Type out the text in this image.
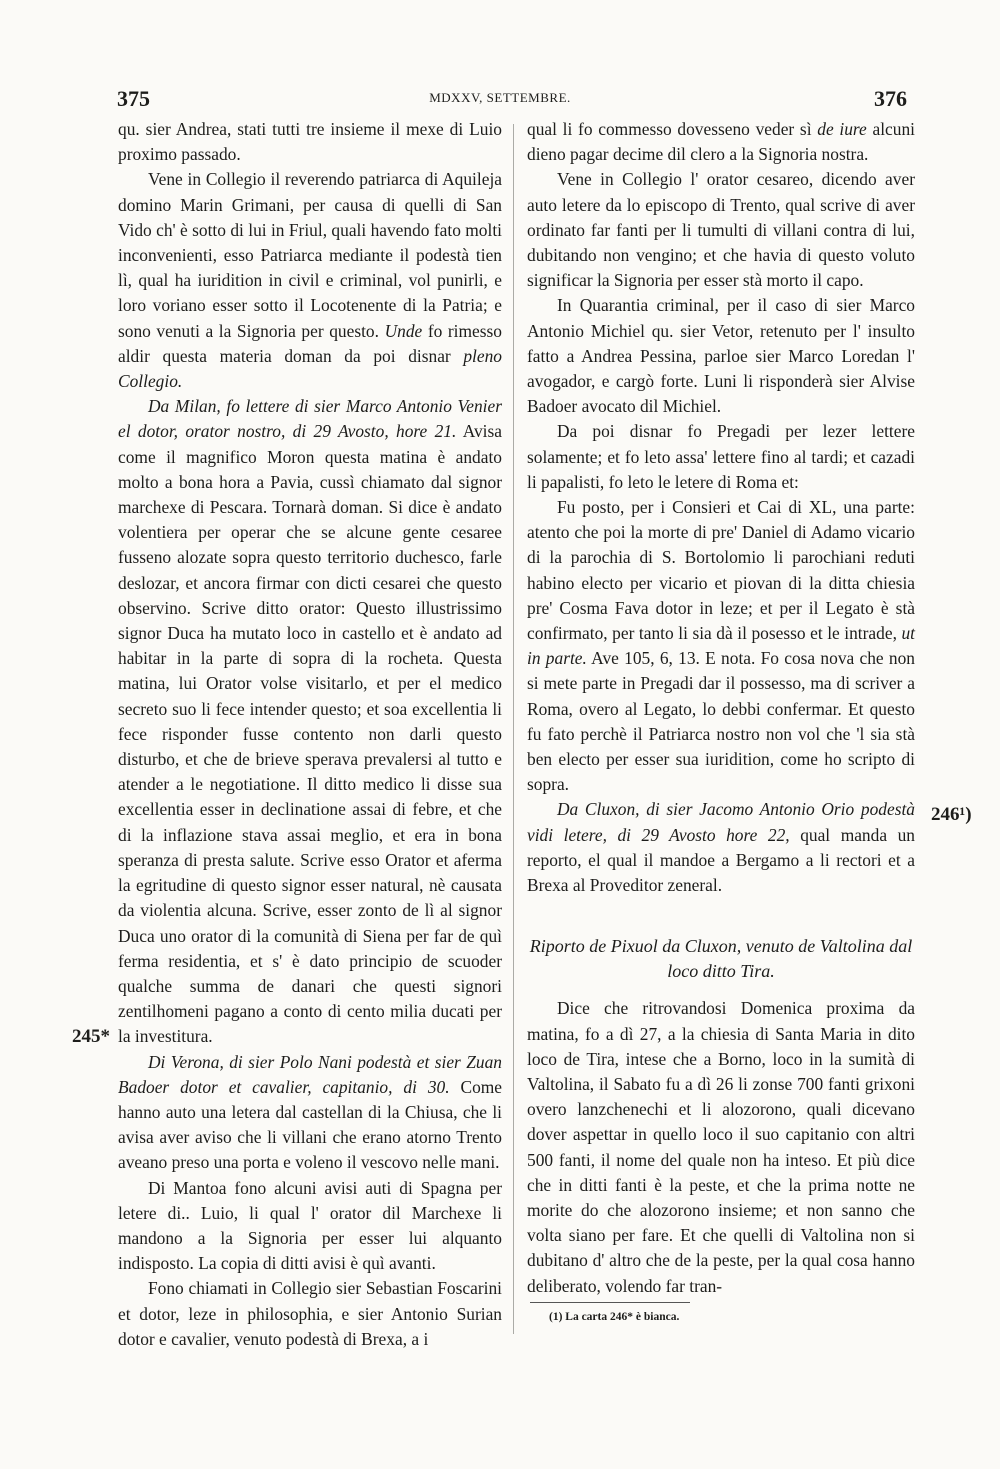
375	MDXXV, SETTEMBRE.	376
245*
246¹)

qu. sier Andrea, stati tutti tre insieme il mexe di Luio proximo passado.

Vene in Collegio il reverendo patriarca di Aquileja domino Marin Grimani, per causa di quelli di San Vido ch' è sotto di lui in Friul, quali havendo fato molti inconvenienti, esso Patriarca mediante il podestà tien lì, qual ha iuridition in civil e criminal, vol punirli, e loro voriano esser sotto il Locotenente di la Patria; e sono venuti a la Signoria per questo. Unde fo rimesso aldir questa materia doman da poi disnar pleno Collegio.

Da Milan, fo lettere di sier Marco Antonio Venier el dotor, orator nostro, di 29 Avosto, hore 21. Avisa come il magnifico Moron questa matina è andato molto a bona hora a Pavia, cussì chiamato dal signor marchexe di Pescara. Tornarà doman. Si dice è andato volentiera per operar che se alcune gente cesaree fusseno alozate sopra questo territorio duchesco, farle deslozar, et ancora firmar con dicti cesarei che questo observino. Scrive ditto orator: Questo illustrissimo signor Duca ha mutato loco in castello et è andato ad habitar in la parte di sopra di la rocheta. Questa matina, lui Orator volse visitarlo, et per el medico secreto suo li fece intender questo; et soa excellentia li fece risponder fusse contento non darli questo disturbo, et che de brieve sperava prevalersi al tutto e atender a le negotiatione. Il ditto medico li disse sua excellentia esser in declinatione assai di febre, et che di la inflazione stava assai meglio, et era in bona speranza di presta salute. Scrive esso Orator et aferma la egritudine di questo signor esser natural, nè causata da violentia alcuna. Scrive, esser zonto de lì al signor Duca uno orator di la comunità di Siena per far de quì ferma residentia, et s' è dato principio de scuoder qualche summa de danari che questi signori zentilhomeni pagano a conto di cento milia ducati per la investitura.

Di Verona, di sier Polo Nani podestà et sier Zuan Badoer dotor et cavalier, capitanio, di 30. Come hanno auto una letera dal castellan di la Chiusa, che li avisa aver aviso che li villani che erano atorno Trento aveano preso una porta e voleno il vescovo nelle mani.

Di Mantoa fono alcuni avisi auti di Spagna per letere di.. Luio, li qual l' orator dil Marchexe li mandono a la Signoria per esser lui alquanto indisposto. La copia di ditti avisi è quì avanti.

Fono chiamati in Collegio sier Sebastian Foscarini et dotor, leze in philosophia, e sier Antonio Surian dotor e cavalier, venuto podestà di Brexa, a i

qual li fo commesso dovesseno veder sì de iure alcuni dieno pagar decime dil clero a la Signoria nostra.

Vene in Collegio l' orator cesareo, dicendo aver auto letere da lo episcopo di Trento, qual scrive di aver ordinato far fanti per li tumulti di villani contra di lui, dubitando non vengino; et che havia di questo voluto significar la Signoria per esser stà morto il capo.

In Quarantia criminal, per il caso di sier Marco Antonio Michiel qu. sier Vetor, retenuto per l' insulto fatto a Andrea Pessina, parloe sier Marco Loredan l' avogador, e cargò forte. Luni li risponderà sier Alvise Badoer avocato dil Michiel.

Da poi disnar fo Pregadi per lezer lettere solamente; et fo leto assa' lettere fino al tardi; et cazadi li papalisti, fo leto le letere di Roma et:

Fu posto, per i Consieri et Cai di XL, una parte: atento che poi la morte di pre' Daniel di Adamo vicario di la parochia di S. Bortolomio li parochiani reduti habino electo per vicario et piovan di la ditta chiesia pre' Cosma Fava dotor in leze; et per il Legato è stà confirmato, per tanto li sia dà il posesso et le intrade, ut in parte. Ave 105, 6, 13. E nota. Fo cosa nova che non si mete parte in Pregadi dar il possesso, ma di scriver a Roma, overo al Legato, lo debbi confermar. Et questo fu fato perchè il Patriarca nostro non vol che 'l sia stà ben electo per esser sua iuridition, come ho scripto di sopra.

Da Cluxon, di sier Jacomo Antonio Orio podestà vidi letere, di 29 Avosto hore 22, qual manda un reporto, el qual il mandoe a Bergamo a li rectori et a Brexa al Proveditor zeneral.

Riporto de Pixuol da Cluxon, venuto de Valtolina dal loco ditto Tira.

Dice che ritrovandosi Domenica proxima da matina, fo a dì 27, a la chiesia di Santa Maria in dito loco de Tira, intese che a Borno, loco in la sumità di Valtolina, il Sabato fu a dì 26 li zonse 700 fanti grixoni overo lanzchenechi et li alozorono, quali dicevano dover aspettar in quello loco il suo capitanio con altri 500 fanti, il nome del quale non ha inteso. Et più dice che in ditti fanti è la peste, et che la prima notte ne morite do che alozorono insieme; et non sanno che volta siano per fare. Et che quelli di Valtolina non si dubitano d' altro che de la peste, per la qual cosa hanno deliberato, volendo far tran-

(1) La carta 246* è bianca.
